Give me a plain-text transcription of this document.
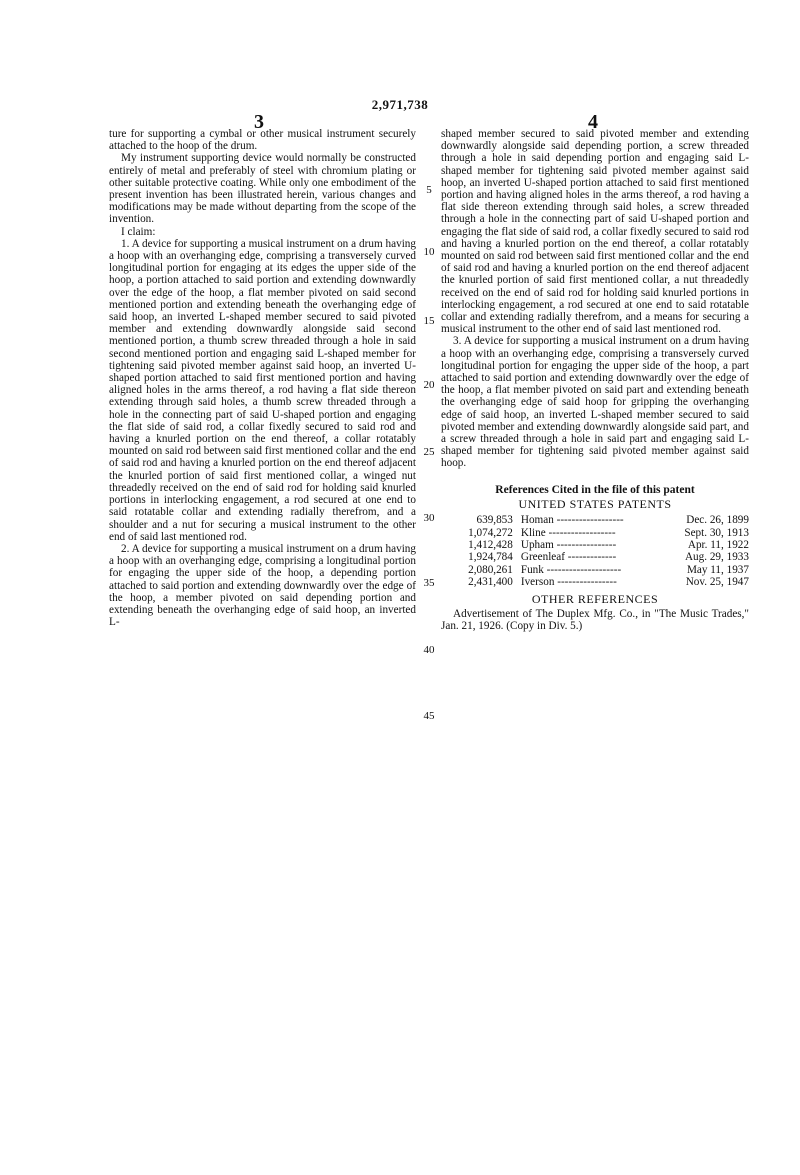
2,971,738
3	4
5
10
15
20
25
30
35
40
45

ture for supporting a cymbal or other musical instrument securely attached to the hoop of the drum.

My instrument supporting device would normally be constructed entirely of metal and preferably of steel with chromium plating or other suitable protective coating. While only one embodiment of the present invention has been illustrated herein, various changes and modifications may be made without departing from the scope of the invention.

I claim:

1. A device for supporting a musical instrument on a drum having a hoop with an overhanging edge, comprising a transversely curved longitudinal portion for engaging at its edges the upper side of the hoop, a portion attached to said portion and extending downwardly over the edge of the hoop, a flat member pivoted on said second mentioned portion and extending beneath the overhanging edge of said hoop, an inverted L-shaped member secured to said pivoted member and extending downwardly alongside said second mentioned portion, a thumb screw threaded through a hole in said second mentioned portion and engaging said L-shaped member for tightening said pivoted member against said hoop, an inverted U-shaped portion attached to said first mentioned portion and having aligned holes in the arms thereof, a rod having a flat side thereon extending through said holes, a thumb screw threaded through a hole in the connecting part of said U-shaped portion and engaging the flat side of said rod, a collar fixedly secured to said rod and having a knurled portion on the end thereof, a collar rotatably mounted on said rod between said first mentioned collar and the end of said rod and having a knurled portion on the end thereof adjacent the knurled portion of said first mentioned collar, a winged nut threadedly received on the end of said rod for holding said knurled portions in interlocking engagement, a rod secured at one end to said rotatable collar and extending radially therefrom, and a shoulder and a nut for securing a musical instrument to the other end of said last mentioned rod.

2. A device for supporting a musical instrument on a drum having a hoop with an overhanging edge, comprising a longitudinal portion for engaging the upper side of the hoop, a depending portion attached to said portion and extending downwardly over the edge of the hoop, a member pivoted on said depending portion and extending beneath the overhanging edge of said hoop, an inverted L-

shaped member secured to said pivoted member and extending downwardly alongside said depending portion, a screw threaded through a hole in said depending portion and engaging said L-shaped member for tightening said pivoted member against said hoop, an inverted U-shaped portion attached to said first mentioned portion and having aligned holes in the arms thereof, a rod having a flat side thereon extending through said holes, a screw threaded through a hole in the connecting part of said U-shaped portion and engaging the flat side of said rod, a collar fixedly secured to said rod and having a knurled portion on the end thereof, a collar rotatably mounted on said rod between said first mentioned collar and the end of said rod and having a knurled portion on the end thereof adjacent the knurled portion of said first mentioned collar, a nut threadedly received on the end of said rod for holding said knurled portions in interlocking engagement, a rod secured at one end to said rotatable collar and extending radially therefrom, and a means for securing a musical instrument to the other end of said last mentioned rod.

3. A device for supporting a musical instrument on a drum having a hoop with an overhanging edge, comprising a transversely curved longitudinal portion for engaging the upper side of the hoop, a part attached to said portion and extending downwardly over the edge of the hoop, a flat member pivoted on said part and extending beneath the overhanging edge of said hoop for gripping the overhanging edge of said hoop, an inverted L-shaped member secured to said pivoted member and extending downwardly alongside said part, and a screw threaded through a hole in said part and engaging said L-shaped member for tightening said pivoted member against said hoop.

References Cited in the file of this patent
UNITED STATES PATENTS
639,853	Homan ------------------	Dec. 26, 1899
1,074,272	Kline ------------------	Sept. 30, 1913
1,412,428	Upham ----------------	Apr. 11, 1922
1,924,784	Greenleaf -------------	Aug. 29, 1933
2,080,261	Funk --------------------	May 11, 1937
2,431,400	Iverson ----------------	Nov. 25, 1947
OTHER REFERENCES

Advertisement of The Duplex Mfg. Co., in "The Music Trades," Jan. 21, 1926. (Copy in Div. 5.)
